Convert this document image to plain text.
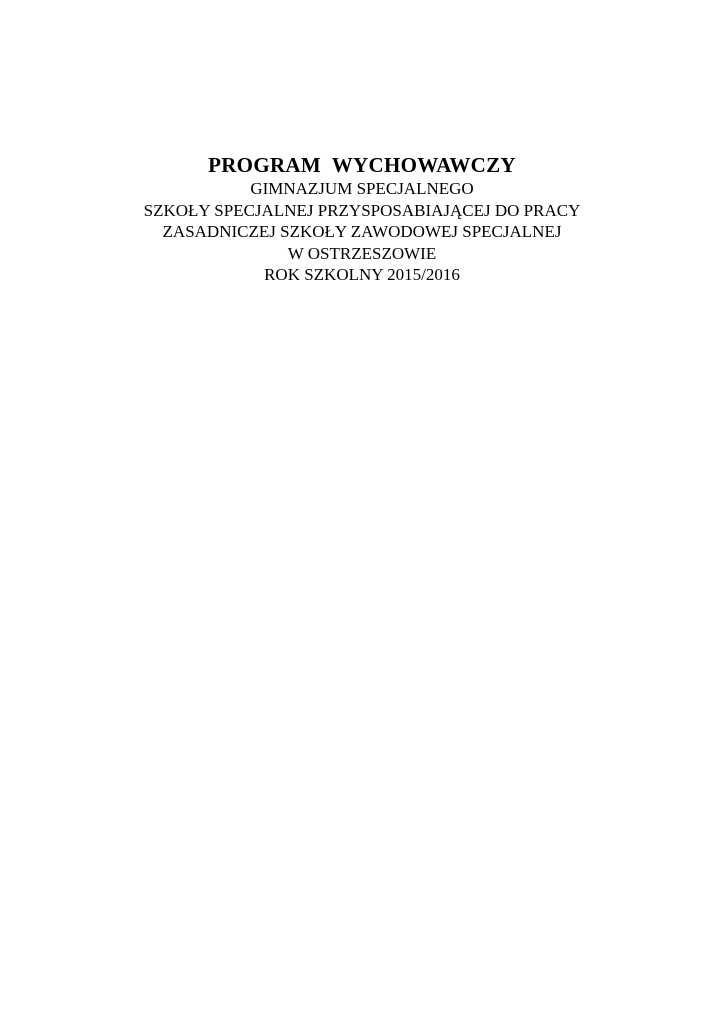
PROGRAM  WYCHOWAWCZY
GIMNAZJUM SPECJALNEGO
SZKOŁY SPECJALNEJ PRZYSPOSABIAJĄCEJ DO PRACY
ZASADNICZEJ SZKOŁY ZAWODOWEJ SPECJALNEJ
W OSTRZESZOWIE
ROK SZKOLNY 2015/2016
